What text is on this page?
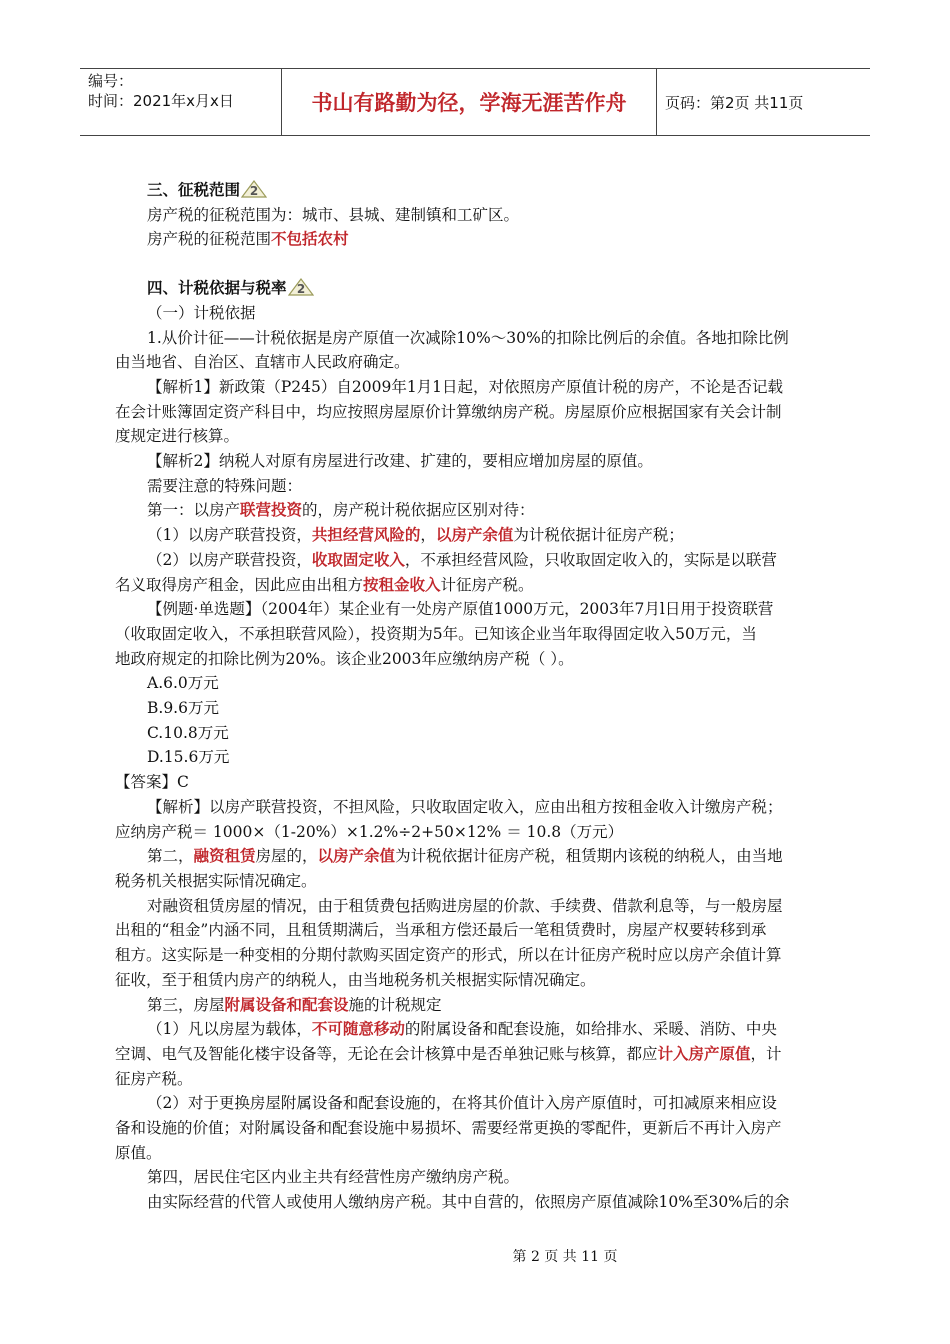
编号：
时间：2021年x月x日	书山有路勤为径，学海无涯苦作舟	页码：第2页 共11页
三、征税范围 2
房产税的征税范围为：城市、县城、建制镇和工矿区。
房产税的征税范围不包括农村
四、计税依据与税率 2
（一）计税依据
1.从价计征——计税依据是房产原值一次减除10%～30%的扣除比例后的余值。各地扣除比例
由当地省、自治区、直辖市人民政府确定。
【解析1】新政策（P245）自2009年1月1日起，对依照房产原值计税的房产，不论是否记载
在会计账簿固定资产科目中，均应按照房屋原价计算缴纳房产税。房屋原价应根据国家有关会计制
度规定进行核算。
【解析2】纳税人对原有房屋进行改建、扩建的，要相应增加房屋的原值。
需要注意的特殊问题：
第一：以房产联营投资的，房产税计税依据应区别对待：
（1）以房产联营投资，共担经营风险的，以房产余值为计税依据计征房产税；
（2）以房产联营投资，收取固定收入，不承担经营风险，只收取固定收入的，实际是以联营
名义取得房产租金，因此应由出租方按租金收入计征房产税。
【例题·单选题】（2004年）某企业有一处房产原值1000万元，2003年7月l日用于投资联营
（收取固定收入，不承担联营风险），投资期为5年。已知该企业当年取得固定收入50万元，当
地政府规定的扣除比例为20%。该企业2003年应缴纳房产税（ ）。
A.6.0万元
B.9.6万元
C.10.8万元
D.15.6万元
【答案】C
【解析】以房产联营投资，不担风险，只收取固定收入，应由出租方按租金收入计缴房产税；
应纳房产税＝ 1000×（1-20%）×1.2%÷2+50×12% ＝ 10.8（万元）
第二，融资租赁房屋的，以房产余值为计税依据计征房产税，租赁期内该税的纳税人，由当地
税务机关根据实际情况确定。
对融资租赁房屋的情况，由于租赁费包括购进房屋的价款、手续费、借款利息等，与一般房屋
出租的“租金”内涵不同，且租赁期满后，当承租方偿还最后一笔租赁费时，房屋产权要转移到承
租方。这实际是一种变相的分期付款购买固定资产的形式，所以在计征房产税时应以房产余值计算
征收，至于租赁内房产的纳税人，由当地税务机关根据实际情况确定。
第三，房屋附属设备和配套设施的计税规定
（1）凡以房屋为载体，不可随意移动的附属设备和配套设施，如给排水、采暖、消防、中央
空调、电气及智能化楼宇设备等，无论在会计核算中是否单独记账与核算，都应计入房产原值，计
征房产税。
（2）对于更换房屋附属设备和配套设施的，在将其价值计入房产原值时，可扣减原来相应设
备和设施的价值；对附属设备和配套设施中易损坏、需要经常更换的零配件，更新后不再计入房产
原值。
第四，居民住宅区内业主共有经营性房产缴纳房产税。
由实际经营的代管人或使用人缴纳房产税。其中自营的，依照房产原值减除10%至30%后的余
第 2 页 共 11 页
